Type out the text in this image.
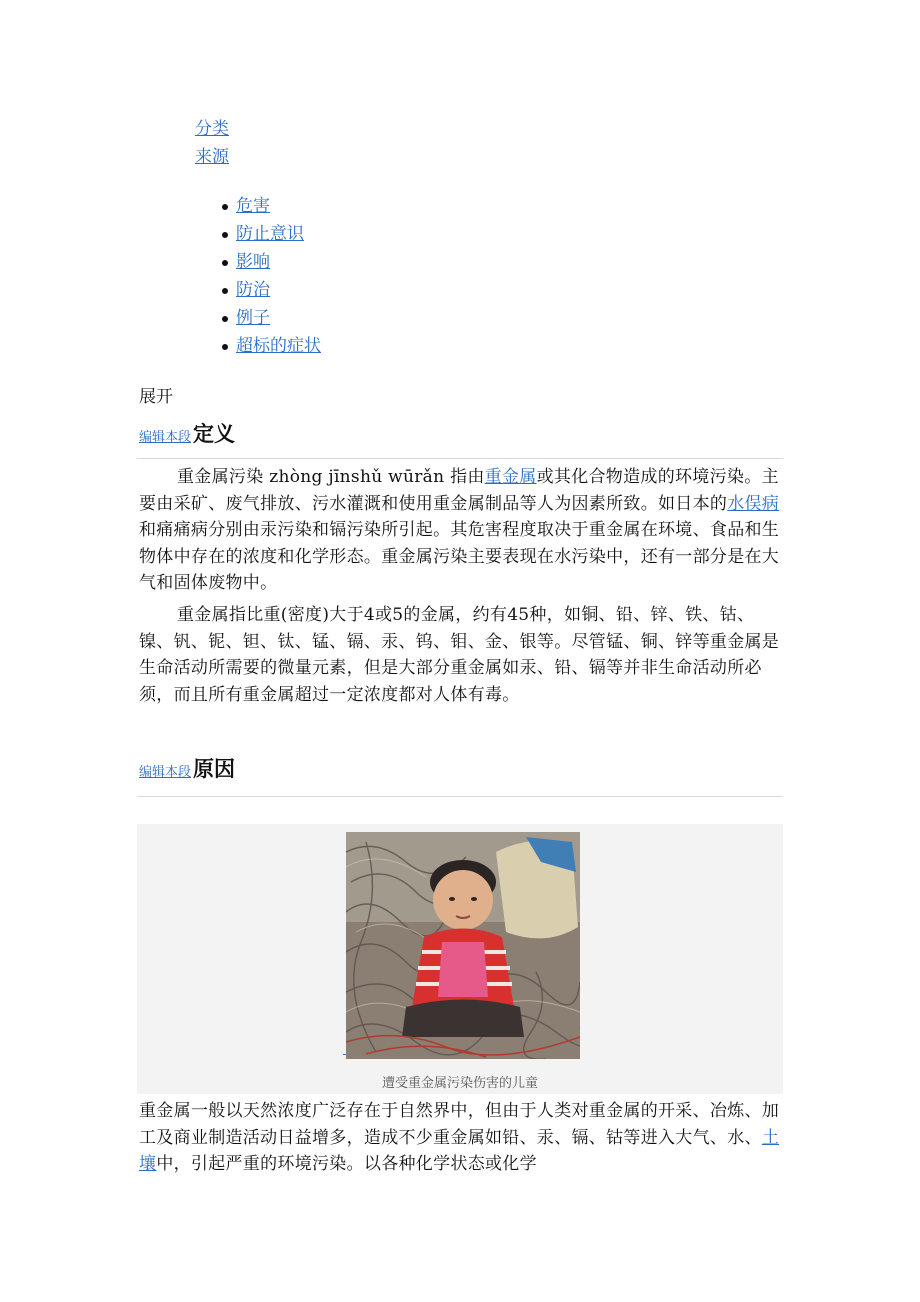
分类
来源
危害
防止意识
影响
防治
例子
超标的症状
展开
编辑本段定义

重金属污染 zhòng jīnshǔ wūrǎn 指由重金属或其化合物造成的环境污染。主要由采矿、废气排放、污水灌溉和使用重金属制品等人为因素所致。如日本的水俣病和痛痛病分别由汞污染和镉污染所引起。其危害程度取决于重金属在环境、食品和生物体中存在的浓度和化学形态。重金属污染主要表现在水污染中，还有一部分是在大气和固体废物中。

重金属指比重(密度)大于4或5的金属，约有45种，如铜、铅、锌、铁、钴、镍、钒、铌、钽、钛、锰、镉、汞、钨、钼、金、银等。尽管锰、铜、锌等重金属是生命活动所需要的微量元素，但是大部分重金属如汞、铅、镉等并非生命活动所必须，而且所有重金属超过一定浓度都对人体有毒。

编辑本段原因
遭受重金属污染伤害的儿童

重金属一般以天然浓度广泛存在于自然界中，但由于人类对重金属的开采、冶炼、加工及商业制造活动日益增多，造成不少重金属如铅、汞、镉、钴等进入大气、水、土壤中，引起严重的环境污染。以各种化学状态或化学
